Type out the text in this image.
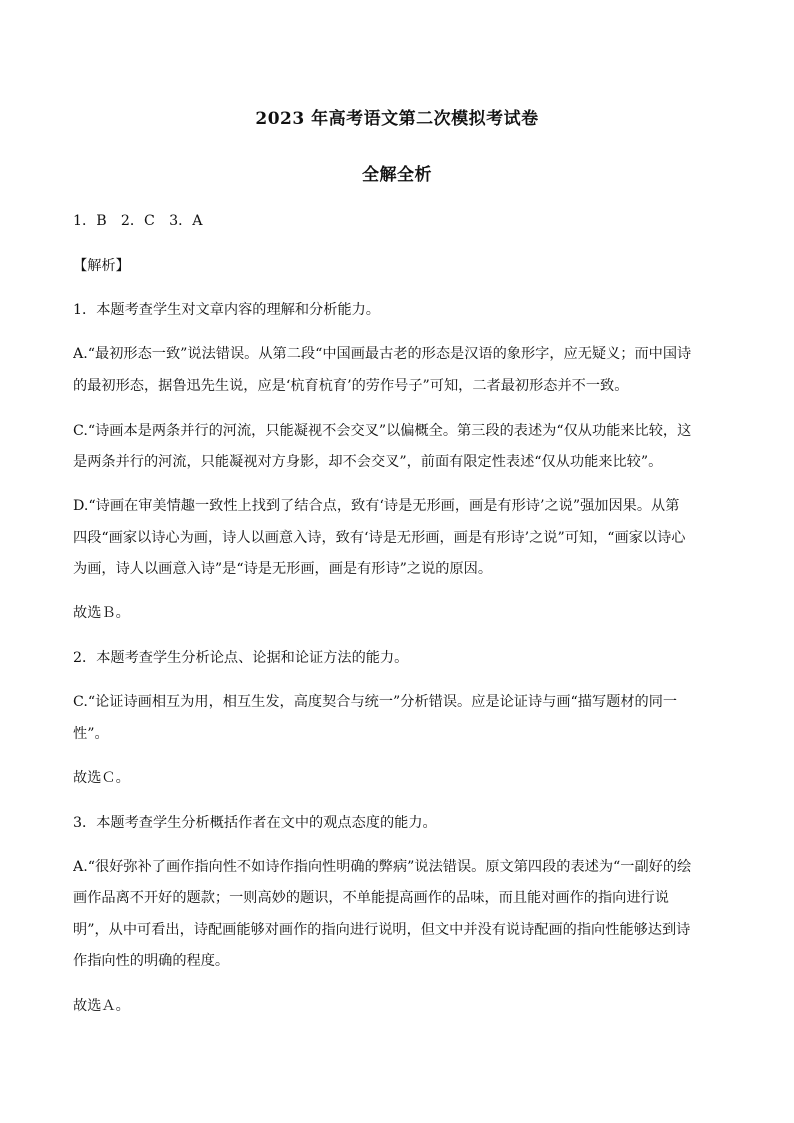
2023 年高考语文第二次模拟考试卷
全解全析
1．B　2．C　3．A
【解析】
1．本题考查学生对文章内容的理解和分析能力。
A.“最初形态一致”说法错误。从第二段“中国画最古老的形态是汉语的象形字，应无疑义；而中国诗
的最初形态，据鲁迅先生说，应是‘杭育杭育’的劳作号子”可知，二者最初形态并不一致。
C.“诗画本是两条并行的河流，只能凝视不会交叉”以偏概全。第三段的表述为“仅从功能来比较，这
是两条并行的河流，只能凝视对方身影，却不会交叉”，前面有限定性表述“仅从功能来比较”。
D.“诗画在审美情趣一致性上找到了结合点，致有‘诗是无形画，画是有形诗’之说”强加因果。从第
四段“画家以诗心为画，诗人以画意入诗，致有‘诗是无形画，画是有形诗’之说”可知，“画家以诗心
为画，诗人以画意入诗”是“诗是无形画，画是有形诗”之说的原因。
故选Ｂ。
2．本题考查学生分析论点、论据和论证方法的能力。
C.“论证诗画相互为用，相互生发，高度契合与统一”分析错误。应是论证诗与画“描写题材的同一
性”。
故选Ｃ。
3．本题考查学生分析概括作者在文中的观点态度的能力。
A.“很好弥补了画作指向性不如诗作指向性明确的弊病”说法错误。原文第四段的表述为“一副好的绘
画作品离不开好的题款；一则高妙的题识，不单能提高画作的品味，而且能对画作的指向进行说
明”，从中可看出，诗配画能够对画作的指向进行说明，但文中并没有说诗配画的指向性能够达到诗
作指向性的明确的程度。
故选Ａ。
